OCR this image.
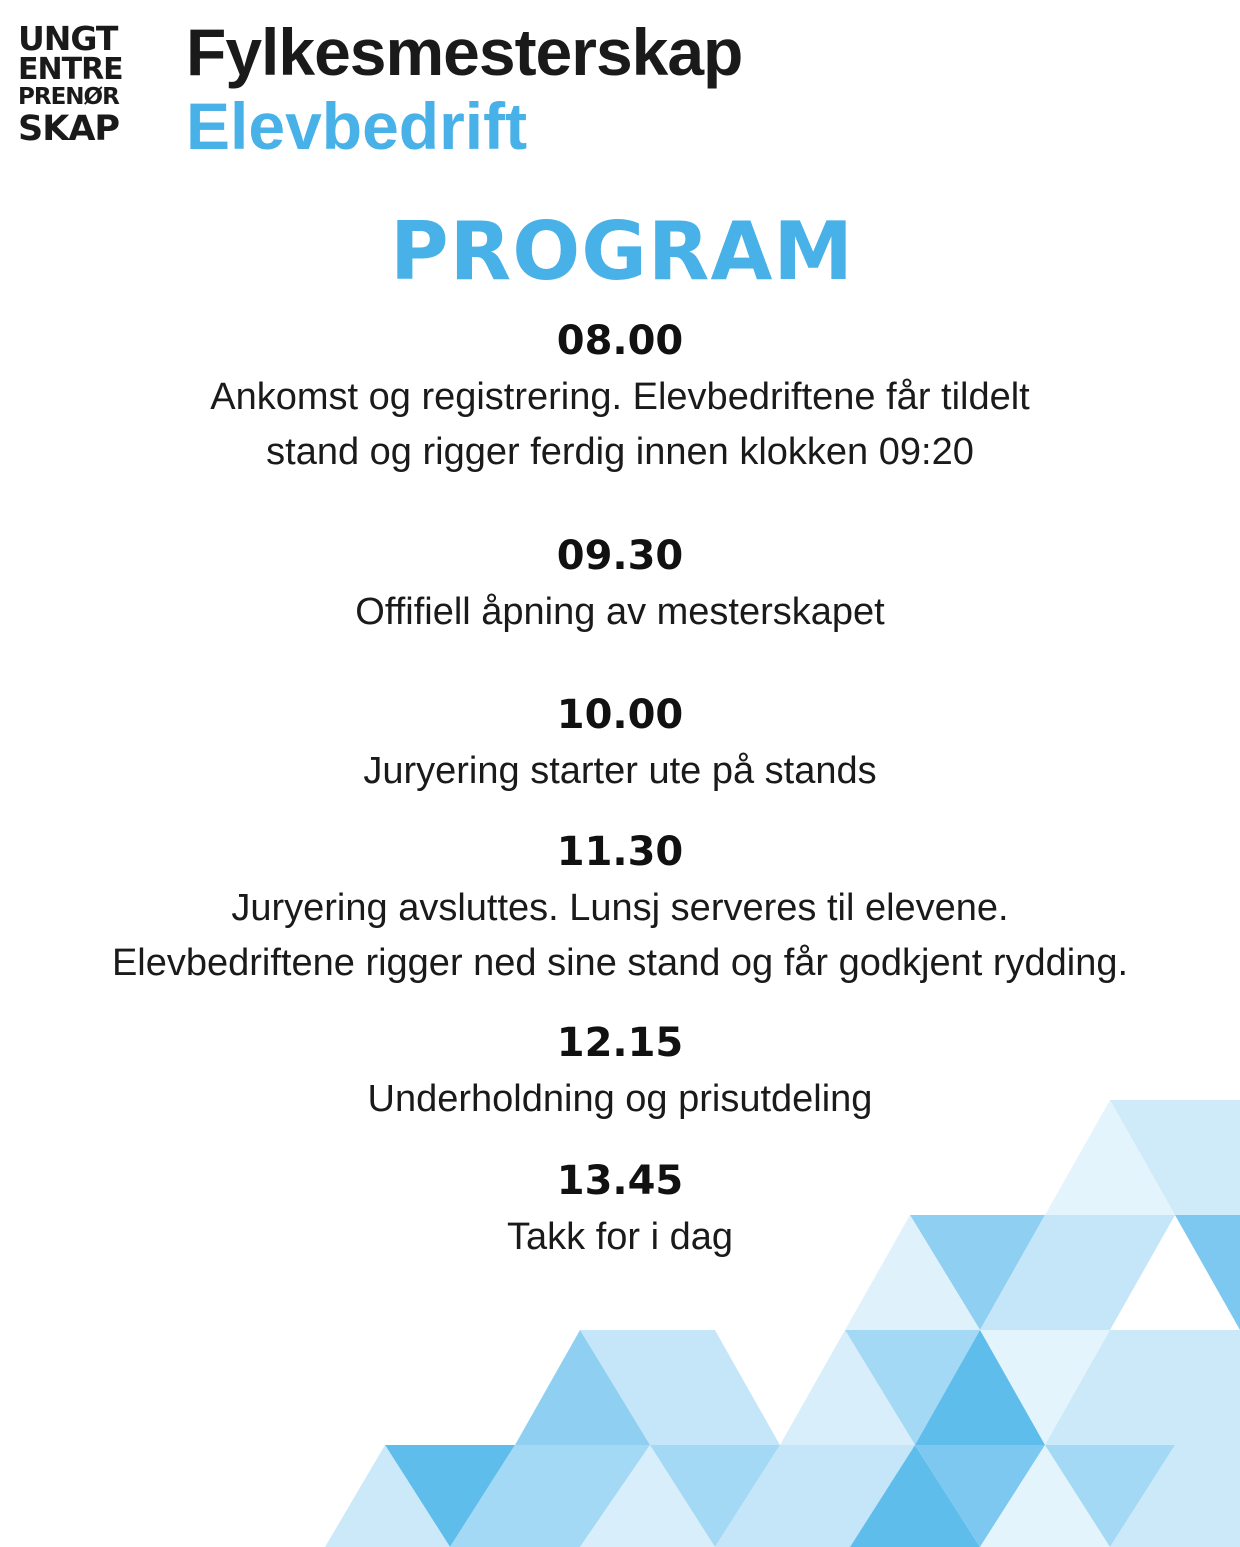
UNGT
ENTRE
PRENØR
SKAP
Fylkesmesterskap
Elevbedrift
PROGRAM

08.00

Ankomst og registrering. Elevbedriftene får tildelt
stand og rigger ferdig innen klokken 09:20

09.30

Offifiell åpning av mesterskapet

10.00

Juryering starter ute på stands

11.30

Juryering avsluttes. Lunsj serveres til elevene.
Elevbedriftene rigger ned sine stand og får godkjent rydding.

12.15

Underholdning og prisutdeling

13.45

Takk for i dag
